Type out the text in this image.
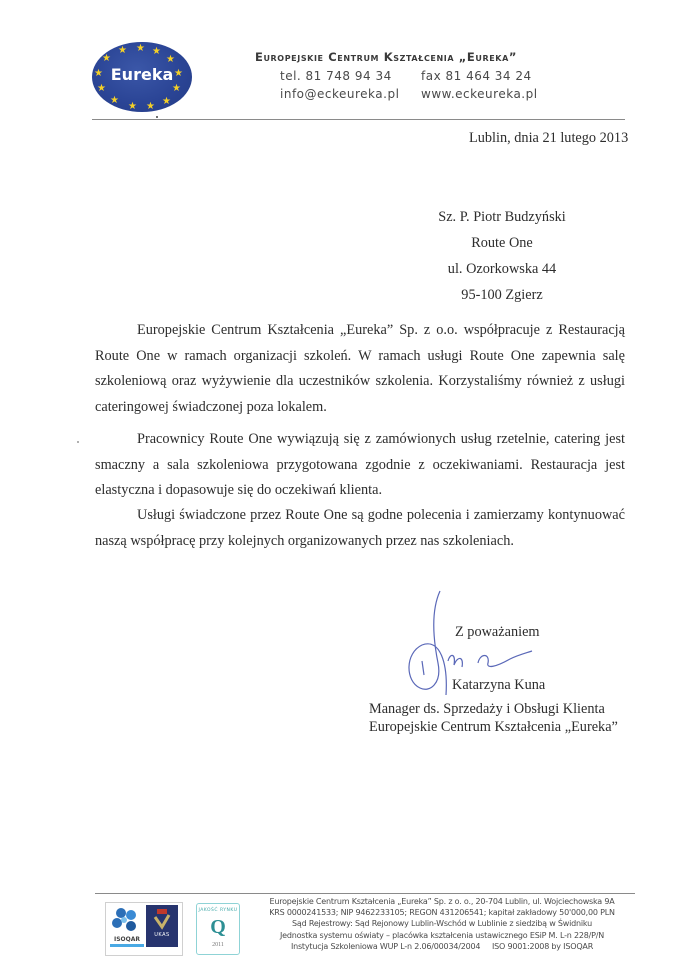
★ ★
★
★
★
★
★
★
★
★
★
★
★
Eureka
Europejskie Centrum Kształcenia „Eureka”
tel. 81 748 94 34 fax 81 464 34 24
info@eckeureka.pl www.eckeureka.pl
Lublin, dnia 21 lutego 2013
Sz. P. Piotr Budzyński
Route One
ul. Ozorkowska 44
95-100 Zgierz

Europejskie Centrum Kształcenia „Eureka” Sp. z o.o. współpracuje z Restauracją Route One w ramach organizacji szkoleń. W ramach usługi Route One zapewnia salę szkoleniową oraz wyżywienie dla uczestników szkolenia. Korzystaliśmy również z usługi cateringowej świadczonej poza lokalem.

Pracownicy Route One wywiązują się z zamówionych usług rzetelnie, catering jest smaczny a sala szkoleniowa przygotowana zgodnie z oczekiwaniami. Restauracja jest elastyczna i dopasowuje się do oczekiwań klienta.

Usługi świadczone przez Route One są godne polecenia i zamierzamy kontynuować naszą współpracę przy kolejnych organizowanych przez nas szkoleniach.

Z poważaniem
Katarzyna Kuna
Manager ds. Sprzedaży i Obsługi Klienta
Europejskie Centrum Kształcenia „Eureka”
ISOQAR
UKAS
JAKOŚĆ RYNKU
Q
2011
Europejskie Centrum Kształcenia „Eureka” Sp. z o. o., 20-704 Lublin, ul. Wojciechowska 9A
KRS 0000241533; NIP 9462233105; REGON 431206541; kapitał zakładowy 50'000,00 PLN
Sąd Rejestrowy: Sąd Rejonowy Lublin-Wschód w Lublinie z siedzibą w Świdniku
Jednostka systemu oświaty – placówka kształcenia ustawicznego ESiP M. L-n 228/P/N
Instytucja Szkoleniowa WUP L-n 2.06/00034/2004     ISO 9001:2008 by ISOQAR
